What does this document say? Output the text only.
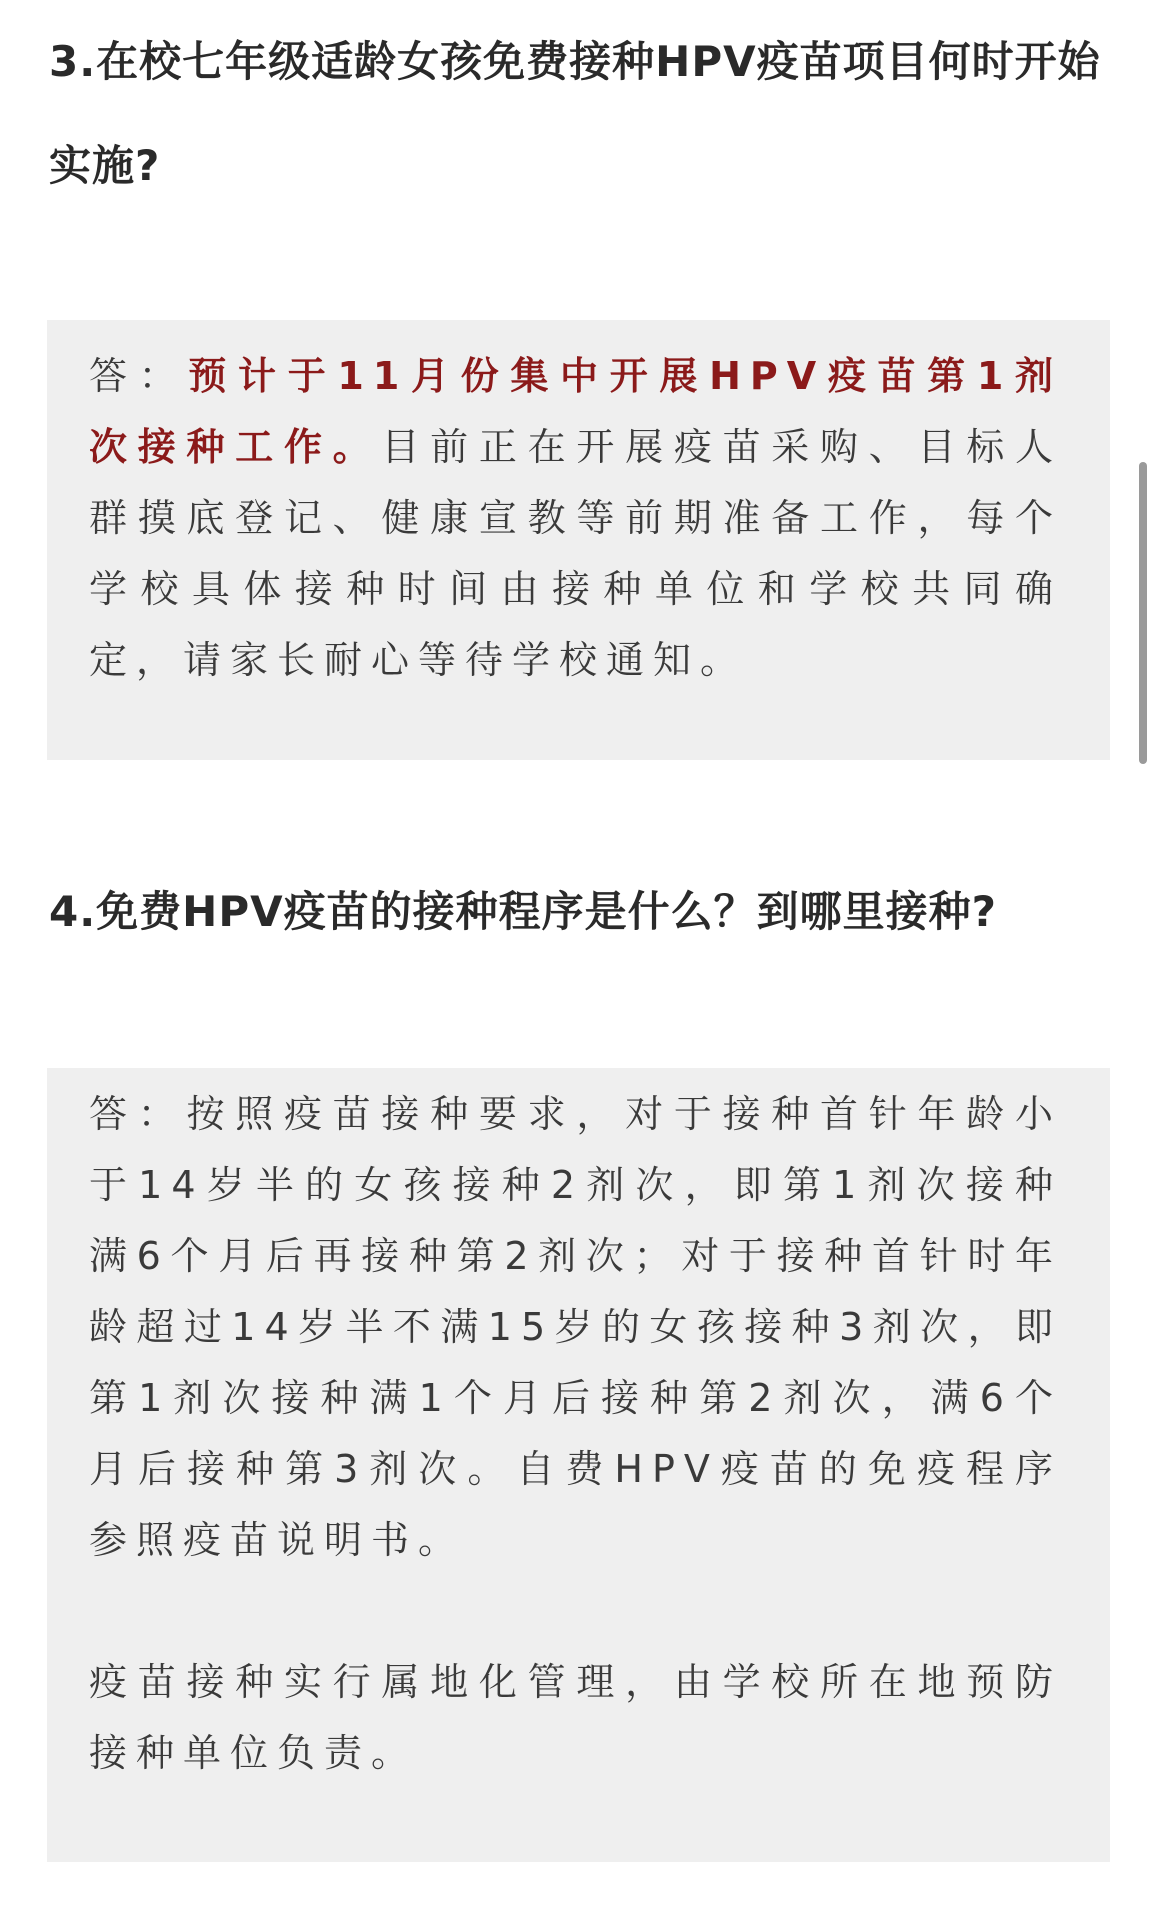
3.在校七年级适龄女孩免费接种HPV疫苗项目何时开始实施?

答：预计于11月份集中开展HPV疫苗第1剂次接种工作。目前正在开展疫苗采购、目标人群摸底登记、健康宣教等前期准备工作，每个学校具体接种时间由接种单位和学校共同确定，请家长耐心等待学校通知。

4.免费HPV疫苗的接种程序是什么？到哪里接种?

答：按照疫苗接种要求，对于接种首针年龄小于14岁半的女孩接种2剂次，即第1剂次接种满6个月后再接种第2剂次；对于接种首针时年龄超过14岁半不满15岁的女孩接种3剂次，即第1剂次接种满1个月后接种第2剂次，满6个月后接种第3剂次。自费HPV疫苗的免疫程序参照疫苗说明书。

疫苗接种实行属地化管理，由学校所在地预防接种单位负责。
